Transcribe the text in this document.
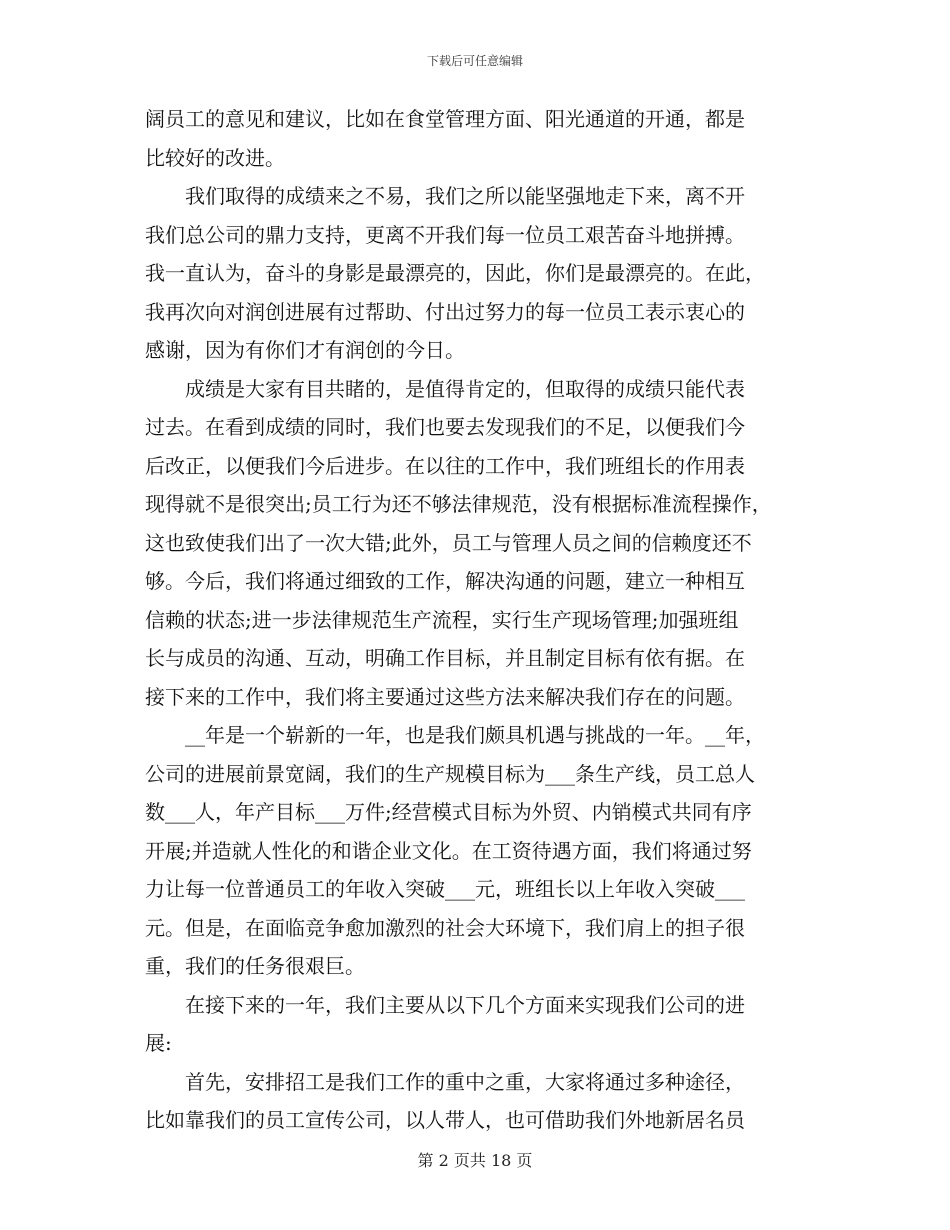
下载后可任意编辑
阔员工的意见和建议，比如在食堂管理方面、阳光通道的开通，都是
比较好的改进。
　　我们取得的成绩来之不易，我们之所以能坚强地走下来，离不开
我们总公司的鼎力支持，更离不开我们每一位员工艰苦奋斗地拼搏。
我一直认为，奋斗的身影是最漂亮的，因此，你们是最漂亮的。在此，
我再次向对润创进展有过帮助、付出过努力的每一位员工表示衷心的
感谢，因为有你们才有润创的今日。
　　成绩是大家有目共睹的，是值得肯定的，但取得的成绩只能代表
过去。在看到成绩的同时，我们也要去发现我们的不足，以便我们今
后改正，以便我们今后进步。在以往的工作中，我们班组长的作用表
现得就不是很突出;员工行为还不够法律规范，没有根据标准流程操作，
这也致使我们出了一次大错;此外，员工与管理人员之间的信赖度还不
够。今后，我们将通过细致的工作，解决沟通的问题，建立一种相互
信赖的状态;进一步法律规范生产流程，实行生产现场管理;加强班组
长与成员的沟通、互动，明确工作目标，并且制定目标有依有据。在
接下来的工作中，我们将主要通过这些方法来解决我们存在的问题。
　　__年是一个崭新的一年，也是我们颇具机遇与挑战的一年。__年，
公司的进展前景宽阔，我们的生产规模目标为___条生产线，员工总人
数___人，年产目标___万件;经营模式目标为外贸、内销模式共同有序
开展;并造就人性化的和谐企业文化。在工资待遇方面，我们将通过努
力让每一位普通员工的年收入突破___元，班组长以上年收入突破___
元。但是，在面临竞争愈加激烈的社会大环境下，我们肩上的担子很
重，我们的任务很艰巨。
　　在接下来的一年，我们主要从以下几个方面来实现我们公司的进
展:
　　首先，安排招工是我们工作的重中之重，大家将通过多种途径，
比如靠我们的员工宣传公司，以人带人，也可借助我们外地新居名员
第 2 页共 18 页
